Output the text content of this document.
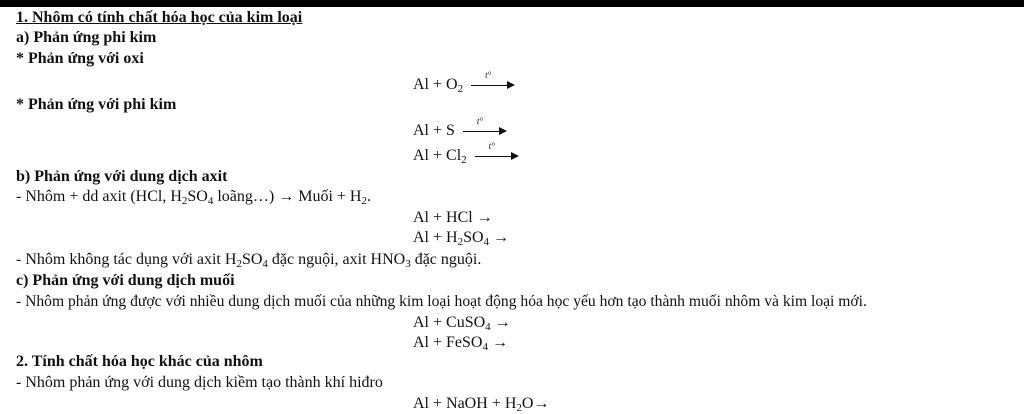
1. Nhôm có tính chất hóa học của kim loại
a) Phản ứng phi kim
* Phản ứng với oxi
$Al + O_2$
t°
* Phản ứng với phi kim
Al + S
t°
$Al + Cl_2$
t°
b) Phản ứng với dung dịch axit
- Nhôm + dd axit (HCl, $H_2SO_4$ loãng…) → Muối + $H_2$.
Al + HCl →
$Al + H_2SO_4$ →
- Nhôm không tác dụng với axit $H_2SO_4$ đặc nguội, axit $HNO_3$ đặc nguội.
c) Phản ứng với dung dịch muối
- Nhôm phản ứng được với nhiều dung dịch muối của những kim loại hoạt động hóa học yếu hơn tạo thành muối nhôm và kim loại mới.
Al + CuSO$_4$ →
Al + FeSO$_4$ →
2. Tính chất hóa học khác của nhôm
- Nhôm phản ứng với dung dịch kiềm tạo thành khí hiđro
Al + NaOH + $H_2O\to$
